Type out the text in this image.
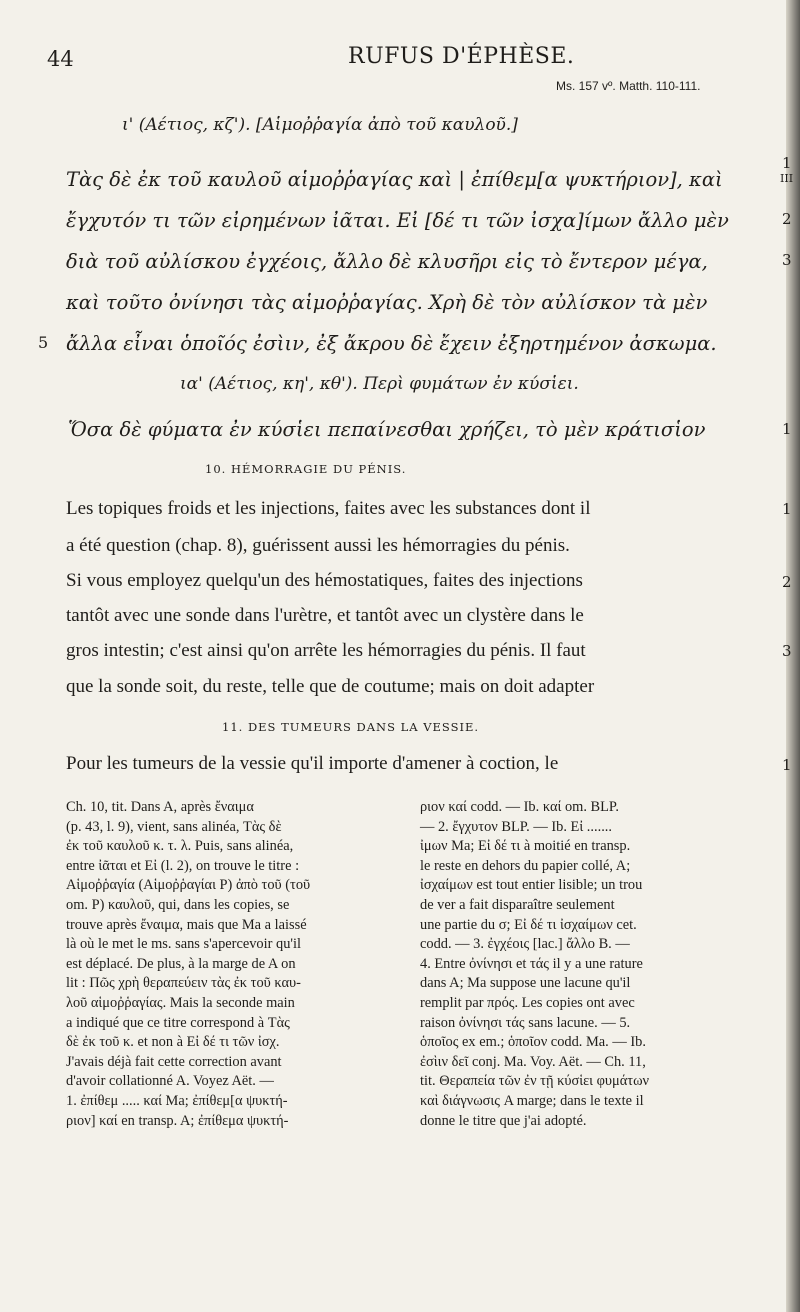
44	RUFUS D'ÉPHÈSE.
Ms. 157 vº. Matth. 110-111.
ι' (Αέτιος, κζ'). [Αἱμοῤῥαγία ἀπὸ τοῦ καυλοῦ.]
Τὰς δὲ ἐκ τοῦ καυλοῦ αἱμοῤῥαγίας καὶ | ἐπίθεμ[α ψυκτήριον], καὶ
ἔγχυτόν τι τῶν εἰρημένων ἰᾶται. Εἰ [δέ τι τῶν ἰσχα]ίμων ἄλλο μὲν
διὰ τοῦ αὐλίσκου ἐγχέοις, ἄλλο δὲ κλυσῆρι εἰς τὸ ἔντερον μέγα,
καὶ τοῦτο ὀνίνησι τὰς αἱμοῤῥαγίας. Χρὴ δὲ τὸν αὐλίσκον τὰ μὲν
ἄλλα εἶναι ὁποῖός ἐσὶιν, ἐξ ἄκρου δὲ ἔχειν ἐξηρτημένον ἀσκωμα.
5
1
III
2
3
ια' (Αέτιος, κη', κθ'). Περὶ φυμάτων ἐν κύσἱει.
Ὅσα δὲ φύματα ἐν κύσἱει πεπαίνεσθαι χρήζει, τὸ μὲν κράτισἱον	1
10. HÉMORRAGIE DU PÉNIS.
Les topiques froids et les injections, faites avec les substances dont il
a été question (chap. 8), guérissent aussi les hémorragies du pénis.
Si vous employez quelqu'un des hémostatiques, faites des injections
tantôt avec une sonde dans l'urètre, et tantôt avec un clystère dans le
gros intestin; c'est ainsi qu'on arrête les hémorragies du pénis. Il faut
que la sonde soit, du reste, telle que de coutume; mais on doit adapter
1
2
3
11. DES TUMEURS DANS LA VESSIE.
Pour les tumeurs de la vessie qu'il importe d'amener à coction, le	1
Ch. 10, tit. Dans A, après ἔναιμα
(p. 43, l. 9), vient, sans alinéa, Τὰς δὲ
ἐκ τοῦ καυλοῦ κ. τ. λ. Puis, sans alinéa,
entre ἰᾶται et Εἰ (l. 2), on trouve le titre :
Αἱμοῤῥαγία (Αἱμοῤῥαγίαι P) ἀπὸ τοῦ (τοῦ
om. P) καυλοῦ, qui, dans les copies, se
trouve après ἔναιμα, mais que Ma a laissé
là où le met le ms. sans s'apercevoir qu'il
est déplacé. De plus, à la marge de A on
lit : Πῶς χρὴ θεραπεύειν τὰς ἐκ τοῦ καυ-
λοῦ αἱμοῤῥαγίας. Mais la seconde main
a indiqué que ce titre correspond à Τὰς
δὲ ἐκ τοῦ κ. et non à Εἰ δέ τι τῶν ἰσχ.
J'avais déjà fait cette correction avant
d'avoir collationné A. Voyez Aët. —
1. ἐπίθεμ ..... καί Ma; ἐπίθεμ[α ψυκτή-
ριον] καί en transp. A; ἐπίθεμα ψυκτή-
ριον καί codd. — Ib. καί om. BLP.
— 2. ἔγχυτον BLP. — Ib. Εἰ .......
ἰμων Ma; Εἰ δέ τι à moitié en transp.
le reste en dehors du papier collé, A;
ἰσχαίμων est tout entier lisible; un trou
de ver a fait disparaître seulement
une partie du σ; Εἰ δέ τι ἰσχαίμων cet.
codd. — 3. ἐγχέοις [lac.] ἄλλο B. —
4. Entre ὀνίνησι et τάς il y a une rature
dans A; Ma suppose une lacune qu'il
remplit par πρός. Les copies ont avec
raison ὀνίνησι τάς sans lacune. — 5.
ὁποῖος ex em.; ὁποῖον codd. Ma. — Ib.
ἐσὶιν δεῖ conj. Ma. Voy. Aët. — Ch. 11,
tit. Θεραπεία τῶν ἐν τῇ κύσἱει φυμάτων
καὶ διάγνωσις A marge; dans le texte il
donne le titre que j'ai adopté.
